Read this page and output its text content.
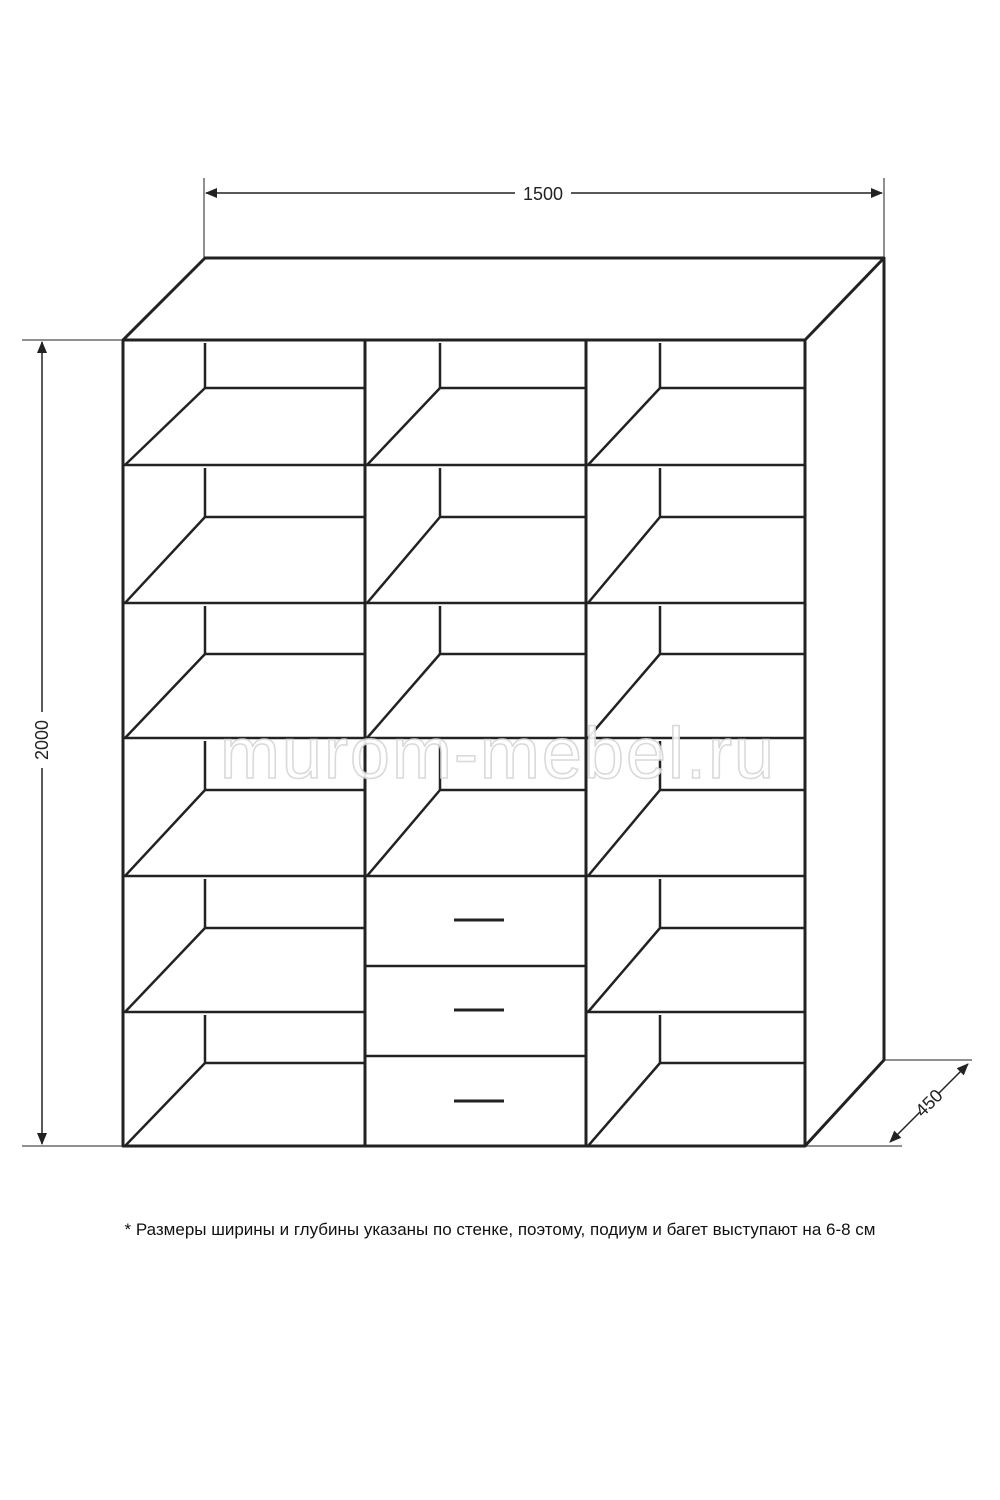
murom-mebel.ru
1500
2000
450
* Размеры ширины и глубины указаны по стенке, поэтому, подиум и багет выступают на 6-8 см
